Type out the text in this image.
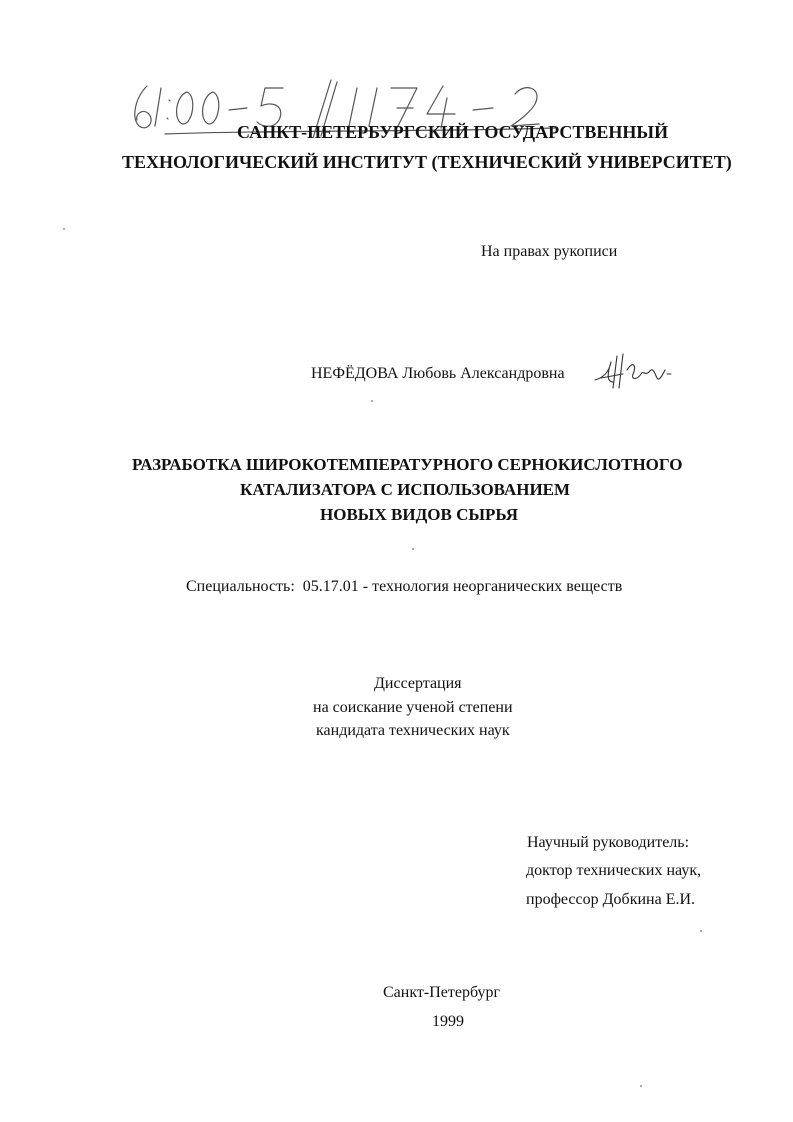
61:00-5/1174-2
САНКТ-ПЕТЕРБУРГСКИЙ ГОСУДАРСТВЕННЫЙ
ТЕХНОЛОГИЧЕСКИЙ ИНСТИТУТ (ТЕХНИЧЕСКИЙ УНИВЕРСИТЕТ)
На правах рукописи
НЕФЁДОВА Любовь Александровна
РАЗРАБОТКА ШИРОКОТЕМПЕРАТУРНОГО СЕРНОКИСЛОТНОГО
КАТАЛИЗАТОРА С ИСПОЛЬЗОВАНИЕМ
НОВЫХ ВИДОВ СЫРЬЯ
Специальность: 05.17.01 - технология неорганических веществ
Диссертация
на соискание ученой степени
кандидата технических наук
Научный руководитель:
доктор технических наук,
профессор Добкина Е.И.
Санкт-Петербург
1999
